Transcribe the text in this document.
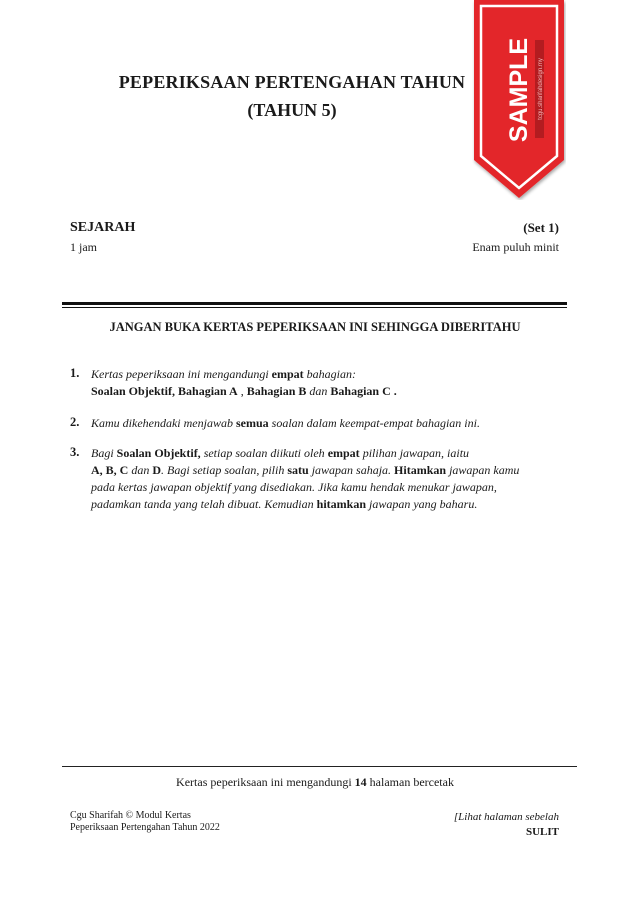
PEPERIKSAAN PERTENGAHAN TAHUN
(TAHUN 5)	SAMPLE tcgu.sharifahdesign.my
SEJARAH
1 jam
(Set 1)
Enam puluh minit
JANGAN BUKA KERTAS PEPERIKSAAN INI SEHINGGA DIBERITAHU
1. Kertas peperiksaan ini mengandungi empat bahagian:
Soalan Objektif, Bahagian A , Bahagian B dan Bahagian C .
2. Kamu dikehendaki menjawab semua soalan dalam keempat-empat bahagian ini.
3. Bagi Soalan Objektif, setiap soalan diikuti oleh empat pilihan jawapan, iaitu
A, B, C dan D. Bagi setiap soalan, pilih satu jawapan sahaja. Hitamkan jawapan kamu
pada kertas jawapan objektif yang disediakan. Jika kamu hendak menukar jawapan,
padamkan tanda yang telah dibuat. Kemudian hitamkan jawapan yang baharu.
Kertas peperiksaan ini mengandungi 14 halaman bercetak
Cgu Sharifah © Modul Kertas
Peperiksaan Pertengahan Tahun 2022
[Lihat halaman sebelah
SULIT
